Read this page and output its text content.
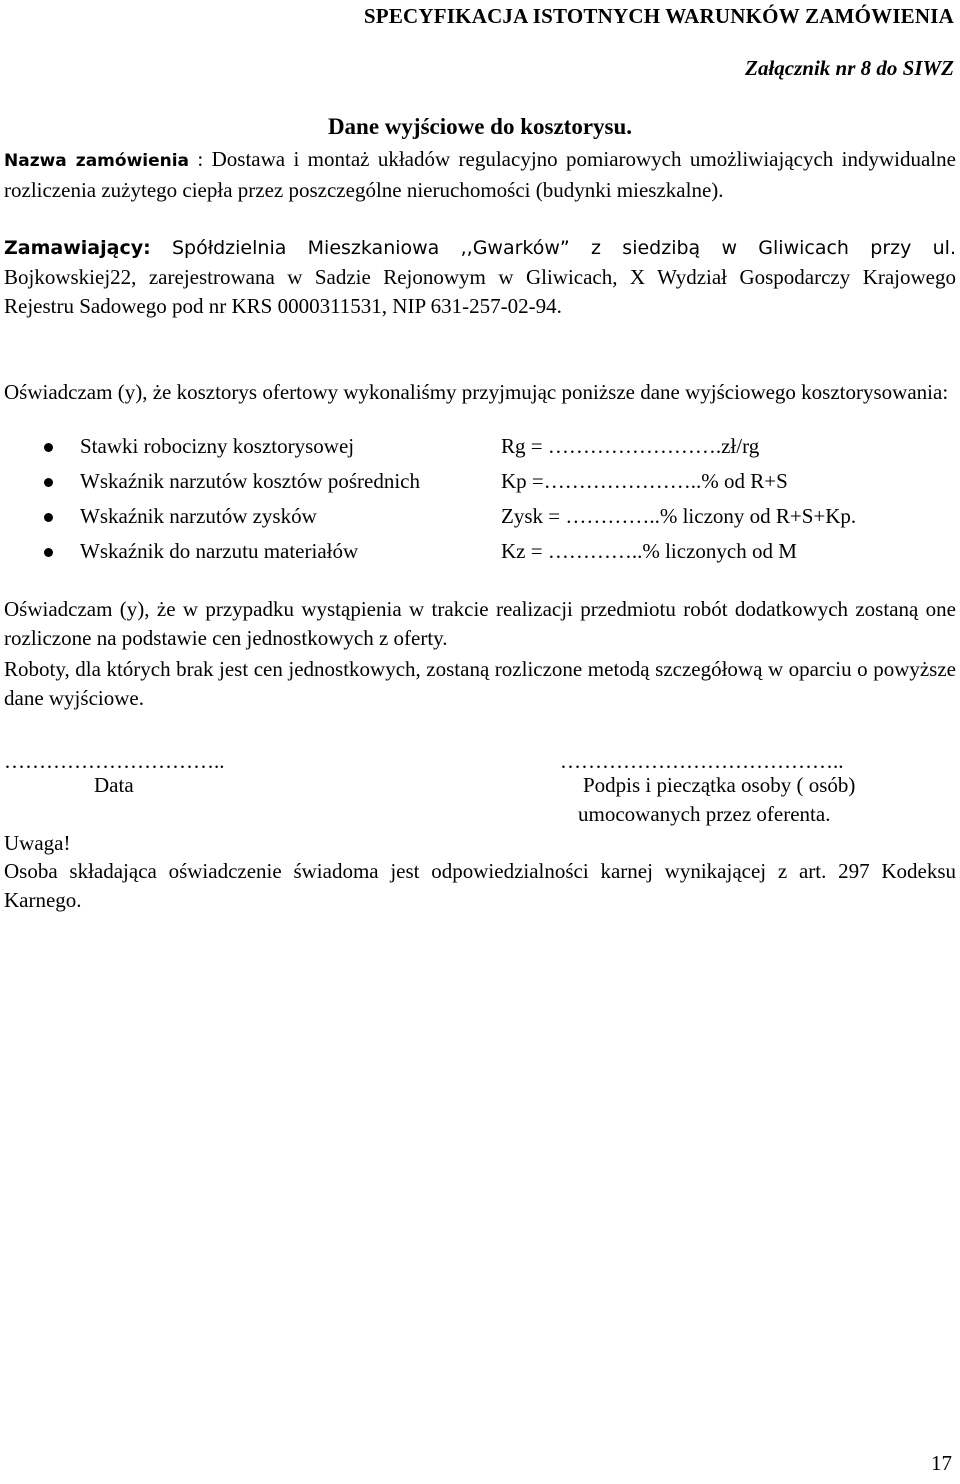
SPECYFIKACJA ISTOTNYCH WARUNKÓW ZAMÓWIENIA
Załącznik nr 8 do SIWZ
Dane wyjściowe do kosztorysu.
Nazwa zamówienia : Dostawa i montaż układów regulacyjno pomiarowych umożliwiających indywidualne rozliczenia zużytego ciepła przez poszczególne nieruchomości (budynki mieszkalne).
Zamawiający: Spółdzielnia Mieszkaniowa ,,Gwarków” z siedzibą w Gliwicach przy ul. Bojkowskiej22, zarejestrowana w Sadzie Rejonowym w Gliwicach, X Wydział Gospodarczy Krajowego Rejestru Sadowego pod nr KRS 0000311531, NIP 631-257-02-94.
Oświadczam (y), że kosztorys ofertowy wykonaliśmy przyjmując poniższe dane wyjściowego kosztorysowania:
Stawki robocizny kosztorysowej	Rg = …………………….zł/rg
Wskaźnik narzutów kosztów pośrednich	Kp =…………………..% od R+S
Wskaźnik narzutów zysków	Zysk = …………..% liczony od R+S+Kp.
Wskaźnik do narzutu materiałów	Kz = …………..% liczonych od M
Oświadczam (y), że w przypadku wystąpienia w trakcie realizacji przedmiotu robót dodatkowych zostaną one rozliczone na podstawie cen jednostkowych z oferty.
Roboty, dla których brak jest cen jednostkowych, zostaną rozliczone metodą szczegółową w oparciu o powyższe dane wyjściowe.
…………………………..	…………………………………..
Data	Podpis i pieczątka osoby ( osób)
umocowanych przez oferenta.
Uwaga!
Osoba składająca oświadczenie świadoma jest odpowiedzialności karnej wynikającej z art. 297 Kodeksu Karnego.
17
